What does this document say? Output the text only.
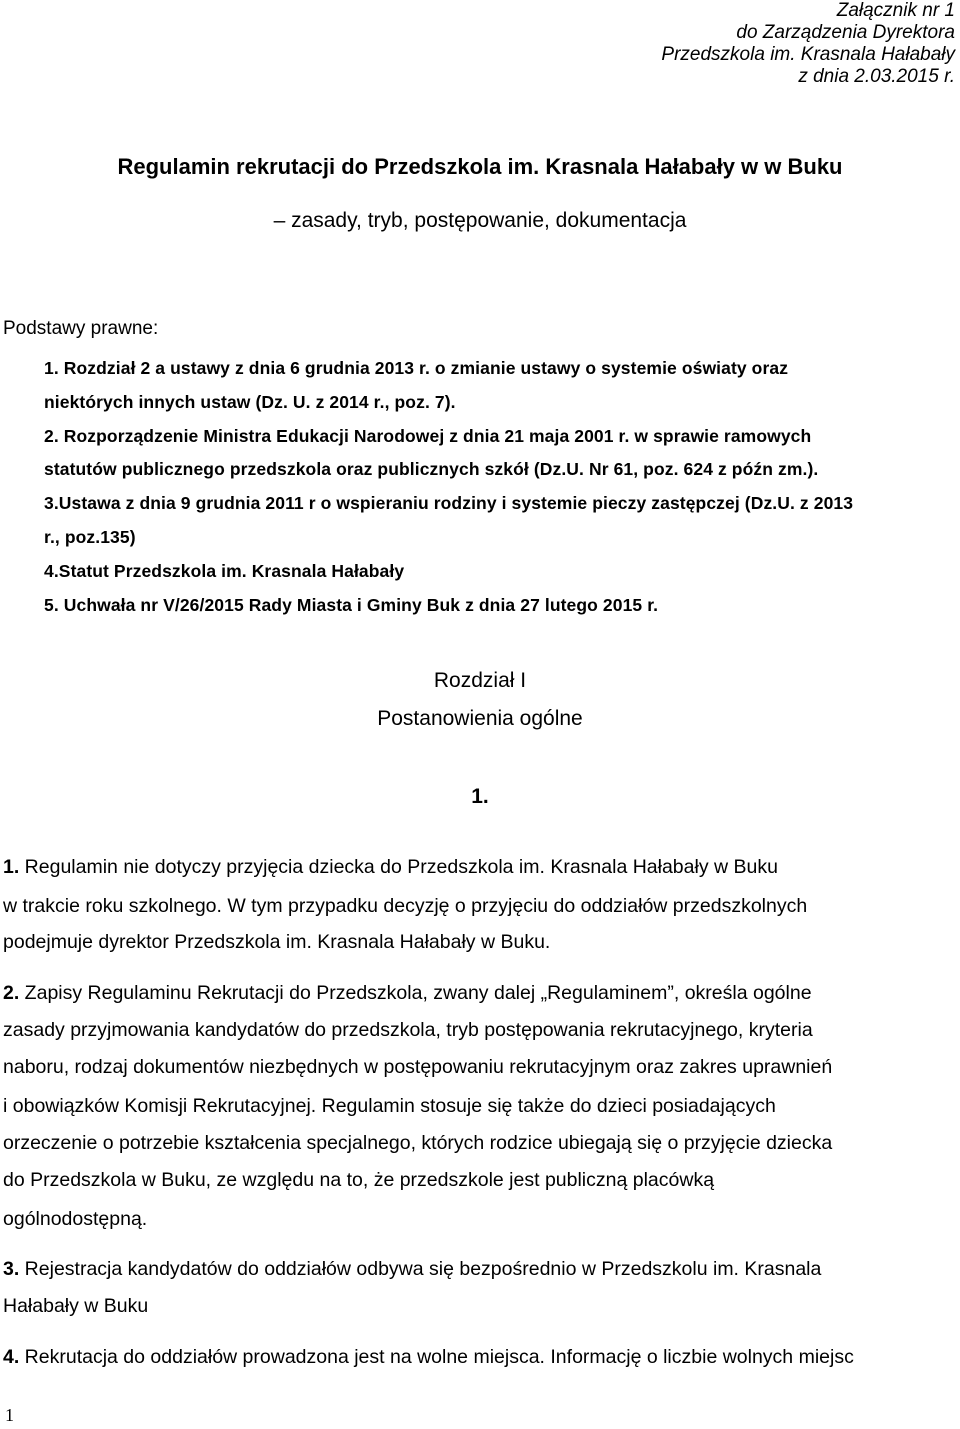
Załącznik nr 1
do Zarządzenia Dyrektora
Przedszkola im. Krasnala Hałabały
z dnia 2.03.2015 r.
Regulamin rekrutacji do Przedszkola im. Krasnala Hałabały w w Buku
– zasady, tryb, postępowanie, dokumentacja
Podstawy prawne:
1. Rozdział 2 a ustawy z dnia 6 grudnia 2013 r. o zmianie ustawy o systemie oświaty oraz
niektórych innych ustaw (Dz. U. z 2014 r., poz. 7).
2. Rozporządzenie Ministra Edukacji Narodowej z dnia 21 maja 2001 r. w sprawie ramowych
statutów publicznego przedszkola oraz publicznych szkół (Dz.U. Nr 61, poz. 624 z późn zm.).
3.Ustawa z dnia 9 grudnia 2011 r o wspieraniu rodziny i systemie pieczy zastępczej (Dz.U. z 2013
r., poz.135)
4.Statut Przedszkola im. Krasnala Hałabały
5. Uchwała nr V/26/2015 Rady Miasta i Gminy Buk z dnia 27 lutego 2015 r.
Rozdział I
Postanowienia ogólne
1.
1. Regulamin nie dotyczy przyjęcia dziecka do Przedszkola im. Krasnala Hałabały w Buku
w trakcie roku szkolnego. W tym przypadku decyzję o przyjęciu do oddziałów przedszkolnych
podejmuje dyrektor Przedszkola im. Krasnala Hałabały w Buku.
2. Zapisy Regulaminu Rekrutacji do Przedszkola, zwany dalej „Regulaminem”, określa ogólne
zasady przyjmowania kandydatów do przedszkola, tryb postępowania rekrutacyjnego, kryteria
naboru, rodzaj dokumentów niezbędnych w postępowaniu rekrutacyjnym oraz zakres uprawnień
i obowiązków Komisji Rekrutacyjnej. Regulamin stosuje się także do dzieci posiadających
orzeczenie o potrzebie kształcenia specjalnego, których rodzice ubiegają się o przyjęcie dziecka
do Przedszkola w Buku, ze względu na to, że przedszkole jest publiczną placówką
ogólnodostępną.
3. Rejestracja kandydatów do oddziałów odbywa się bezpośrednio w Przedszkolu im. Krasnala
Hałabały w Buku
4. Rekrutacja do oddziałów prowadzona jest na wolne miejsca. Informację o liczbie wolnych miejsc
1
